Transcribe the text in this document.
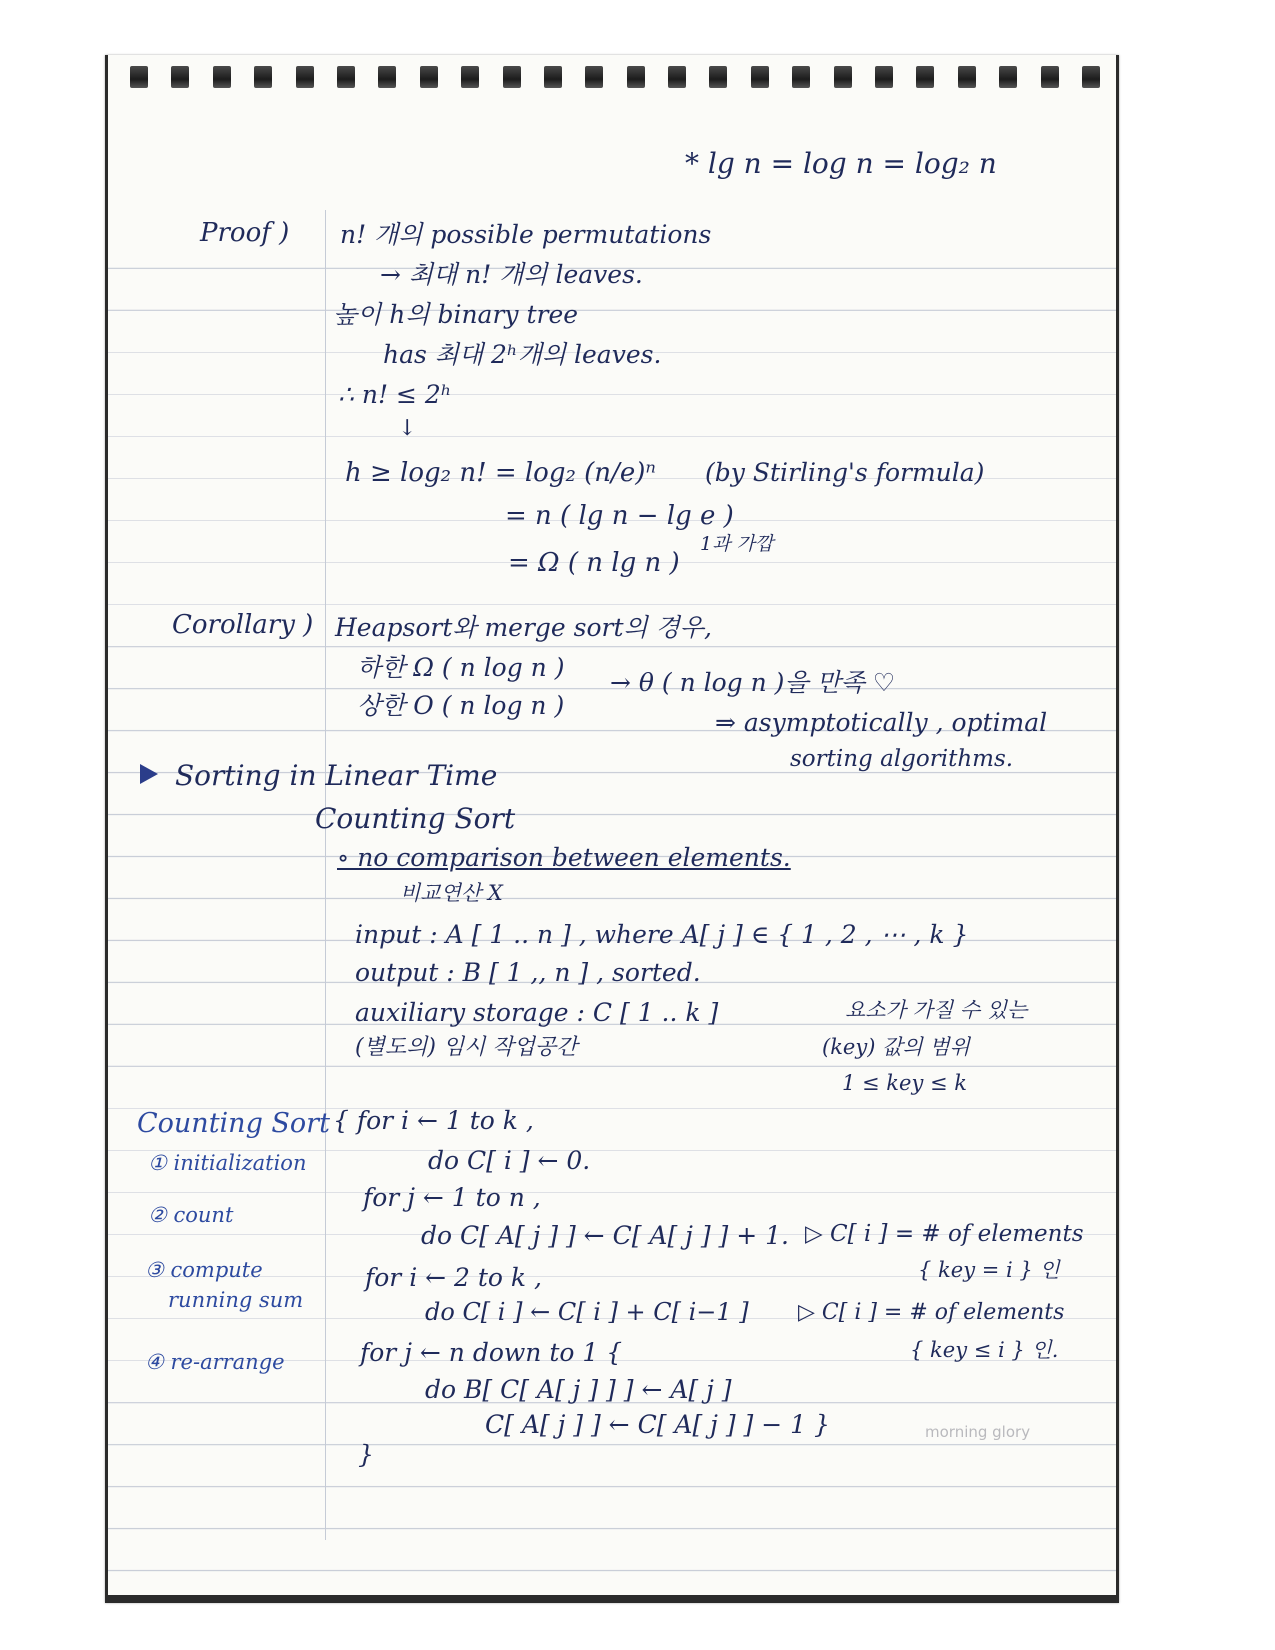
* lg n = log n = log₂ n
Proof ) n! 개의 possible permutations
→ 최대 n! 개의 leaves.
높이 h의 binary tree
has 최대 2ʰ개의 leaves.
∴ n! ≤ 2ʰ
↓
h ≥ log₂ n! = log₂ (n/e)ⁿ (by Stirling's formula)
= n ( lg n − lg e )
1과 가깝
= Ω ( n lg n )
Corollary ) Heapsort와 merge sort의 경우,
하한 Ω ( n log n )
상한 O ( n log n )
→ θ ( n log n )을 만족 ♡
⇒ asymptotically , optimal
sorting algorithms.
Sorting in Linear Time
Counting Sort
∘ no comparison between elements.
비교연산 X
input : A [ 1 .. n ] , where A[ j ] ∈ { 1 , 2 , ⋯ , k }
output : B [ 1 ,, n ] , sorted.
auxiliary storage : C [ 1 .. k ]
(별도의) 임시 작업공간
요소가 가질 수 있는
(key) 값의 범위
1 ≤ key ≤ k
Counting Sort
① initialization
② count
③ compute
running sum
④ re-arrange
{ for i ← 1 to k ,
do C[ i ] ← 0.
for j ← 1 to n ,
do C[ A[ j ] ] ← C[ A[ j ] ] + 1. ▷ C[ i ] = # of elements
{ key = i } 인
for i ← 2 to k ,
do C[ i ] ← C[ i ] + C[ i−1 ] ▷ C[ i ] = # of elements
{ key ≤ i } 인.
for j ← n down to 1 {
do B[ C[ A[ j ] ] ] ← A[ j ]
C[ A[ j ] ] ← C[ A[ j ] ] − 1 }
}
morning glory
